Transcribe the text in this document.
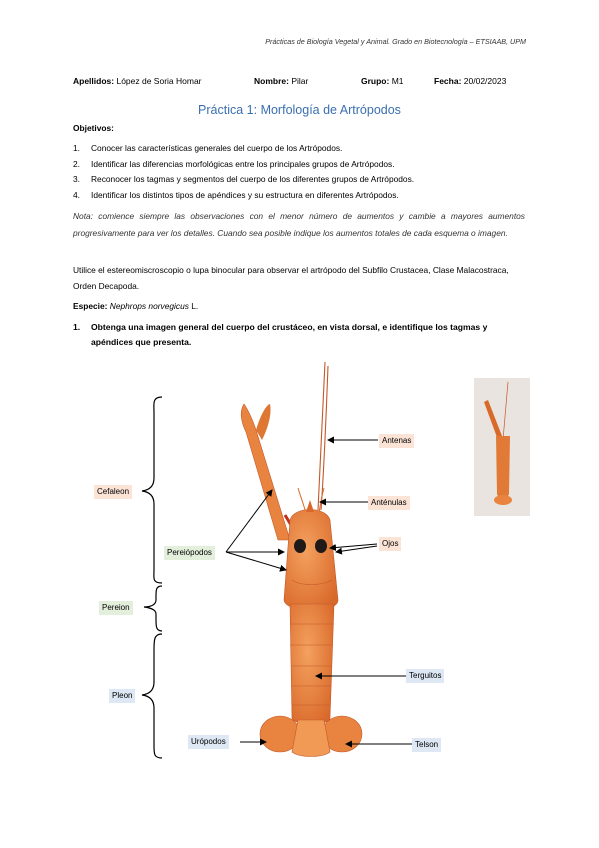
Prácticas de Biología Vegetal y Animal. Grado en Biotecnología – ETSIAAB, UPM
Apellidos: López de Soria Homar	Nombre: Pilar	Grupo: M1	Fecha: 20/02/2023
Práctica 1: Morfología de Artrópodos
Objetivos:
1. Conocer las características generales del cuerpo de los Artrópodos.
2. Identificar las diferencias morfológicas entre los principales grupos de Artrópodos.
3. Reconocer los tagmas y segmentos del cuerpo de los diferentes grupos de Artrópodos.
4. Identificar los distintos tipos de apéndices y su estructura en diferentes Artrópodos.
Nota: comience siempre las observaciones con el menor número de aumentos y cambie a mayores aumentos progresivamente para ver los detalles. Cuando sea posible indique los aumentos totales de cada esquema o imagen.
Utilice el estereomiscroscopio o lupa binocular para observar el artrópodo del Subfilo Crustacea, Clase Malacostraca, Orden Decapoda.
Especie: Nephrops norvegicus L.
1.	Obtenga una imagen general del cuerpo del crustáceo, en vista dorsal, e identifique los tagmas y apéndices que presenta.
Cefaleon
Pereion
Pleon
Antenas
Anténulas
Ojos
Pereiópodos
Terguitos
Urópodos	Telson
